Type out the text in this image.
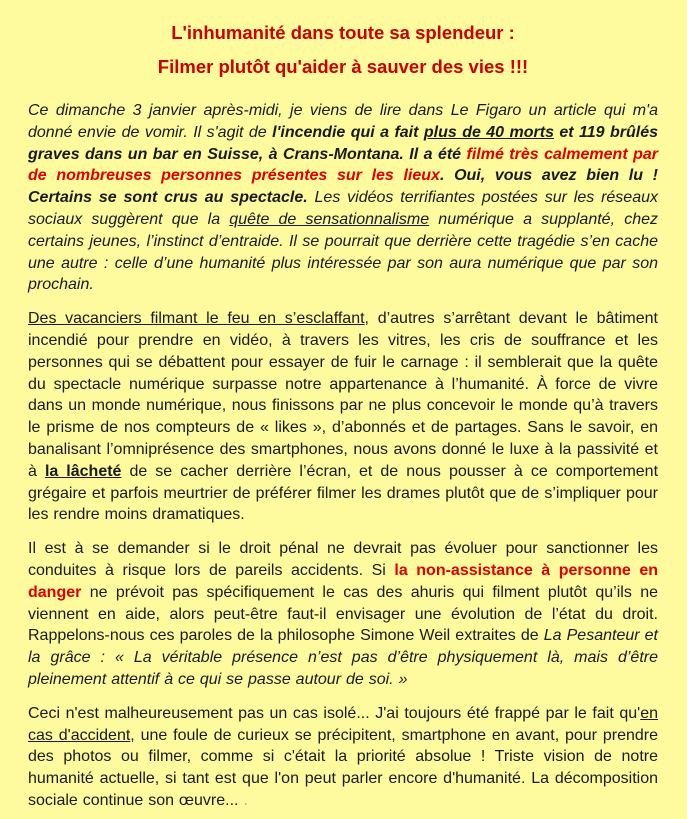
L'inhumanité dans toute sa splendeur :
Filmer plutôt qu'aider à sauver des vies !!!

Ce dimanche 3 janvier après-midi, je viens de lire dans Le Figaro un article qui m'a donné envie de vomir. Il s'agit de l'incendie qui a fait plus de 40 morts et 119 brûlés graves dans un bar en Suisse, à Crans-Montana. Il a été filmé très calmement par de nombreuses personnes présentes sur les lieux. Oui, vous avez bien lu ! Certains se sont crus au spectacle. Les vidéos terrifiantes postées sur les réseaux sociaux suggèrent que la quête de sensationnalisme numérique a supplanté, chez certains jeunes, l’instinct d’entraide. Il se pourrait que derrière cette tragédie s’en cache une autre : celle d’une humanité plus intéressée par son aura numérique que par son prochain.

Des vacanciers filmant le feu en s’esclaffant, d’autres s’arrêtant devant le bâtiment incendié pour prendre en vidéo, à travers les vitres, les cris de souffrance et les personnes qui se débattent pour essayer de fuir le carnage : il semblerait que la quête du spectacle numérique surpasse notre appartenance à l’humanité. À force de vivre dans un monde numérique, nous finissons par ne plus concevoir le monde qu’à travers le prisme de nos compteurs de « likes », d’abonnés et de partages. Sans le savoir, en banalisant l’omniprésence des smartphones, nous avons donné le luxe à la passivité et à la lâcheté de se cacher derrière l’écran, et de nous pousser à ce comportement grégaire et parfois meurtrier de préférer filmer les drames plutôt que de s’impliquer pour les rendre moins dramatiques.

Il est à se demander si le droit pénal ne devrait pas évoluer pour sanctionner les conduites à risque lors de pareils accidents. Si la non-assistance à personne en danger ne prévoit pas spécifiquement le cas des ahuris qui filment plutôt qu’ils ne viennent en aide, alors peut-être faut-il envisager une évolution de l’état du droit. Rappelons-nous ces paroles de la philosophe Simone Weil extraites de La Pesanteur et la grâce : « La véritable présence n’est pas d’être physiquement là, mais d’être pleinement attentif à ce qui se passe autour de soi. »

Ceci n'est malheureusement pas un cas isolé... J'ai toujours été frappé par le fait qu'en cas d'accident, une foule de curieux se précipitent, smartphone en avant, pour prendre des photos ou filmer, comme si c'était la priorité absolue ! Triste vision de notre humanité actuelle, si tant est que l'on peut parler encore d'humanité. La décomposition sociale continue son œuvre... .
